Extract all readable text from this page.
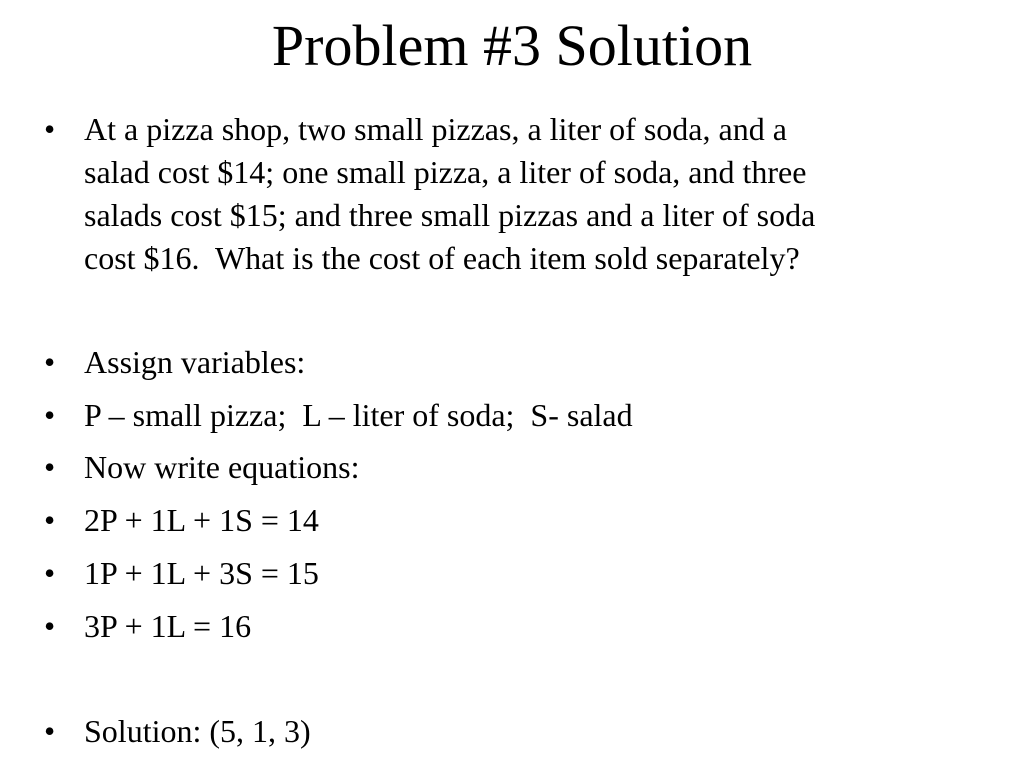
Problem #3 Solution
• At a pizza shop, two small pizzas, a liter of soda, and a
salad cost $14; one small pizza, a liter of soda, and three
salads cost $15; and three small pizzas and a liter of soda
cost $16.  What is the cost of each item sold separately?
• Assign variables:
• P – small pizza;  L – liter of soda;  S- salad
• Now write equations:
• 2P + 1L + 1S = 14
• 1P + 1L + 3S = 15
• 3P + 1L = 16
• Solution: (5, 1, 3)
